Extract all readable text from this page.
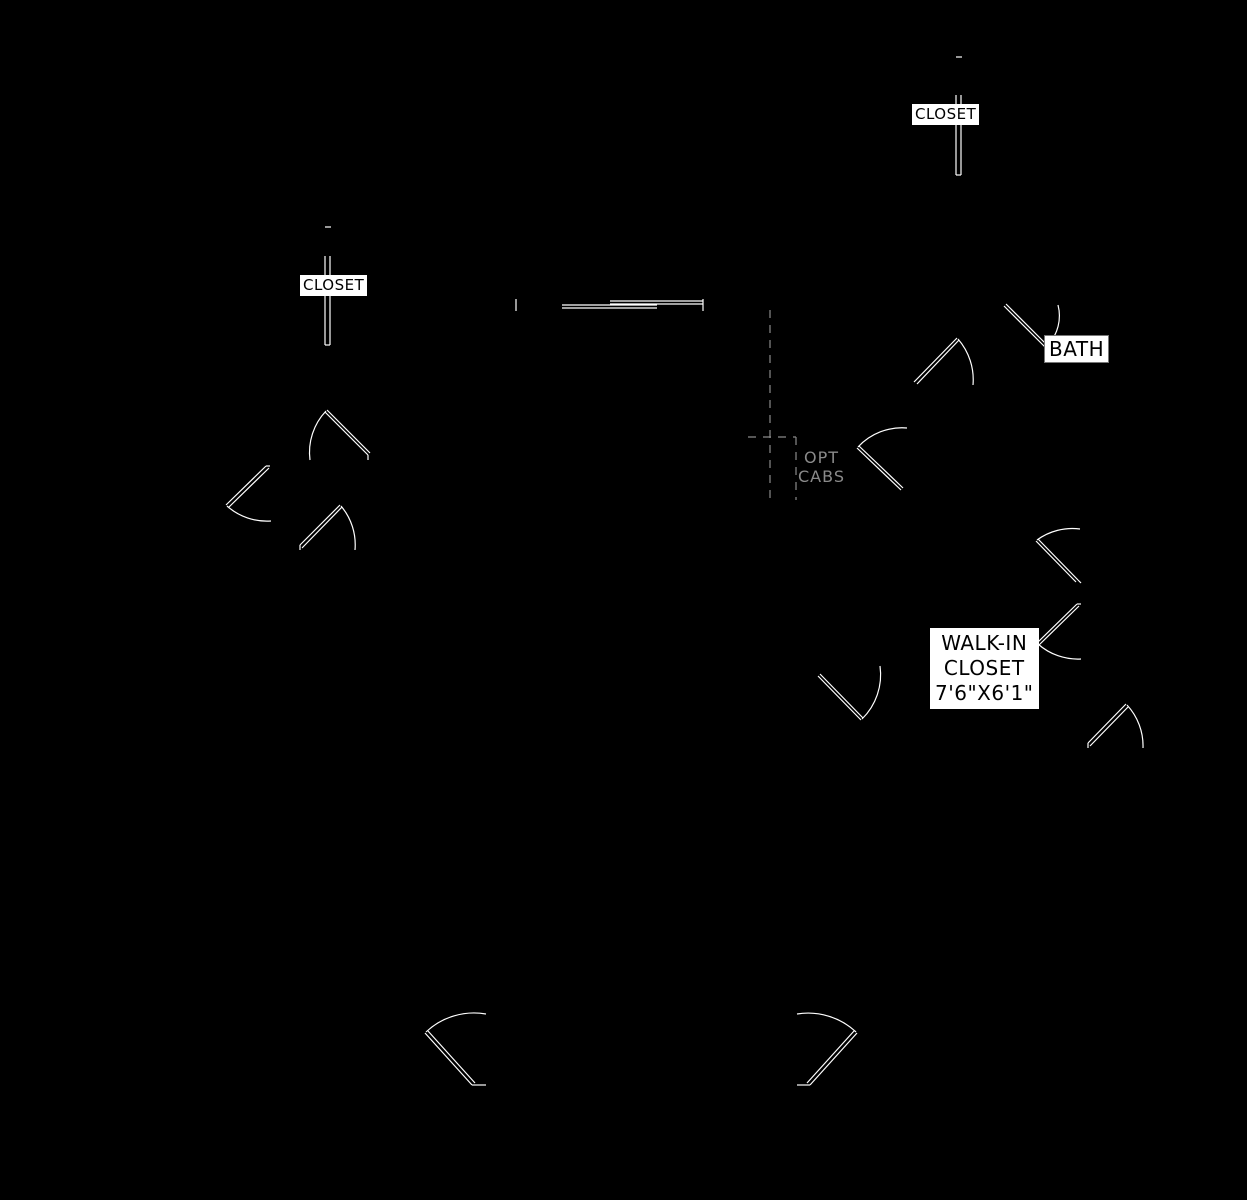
CLOSET
CLOSET
BATH
OPT
CABS
WALK-IN
CLOSET
7'6"X6'1"
